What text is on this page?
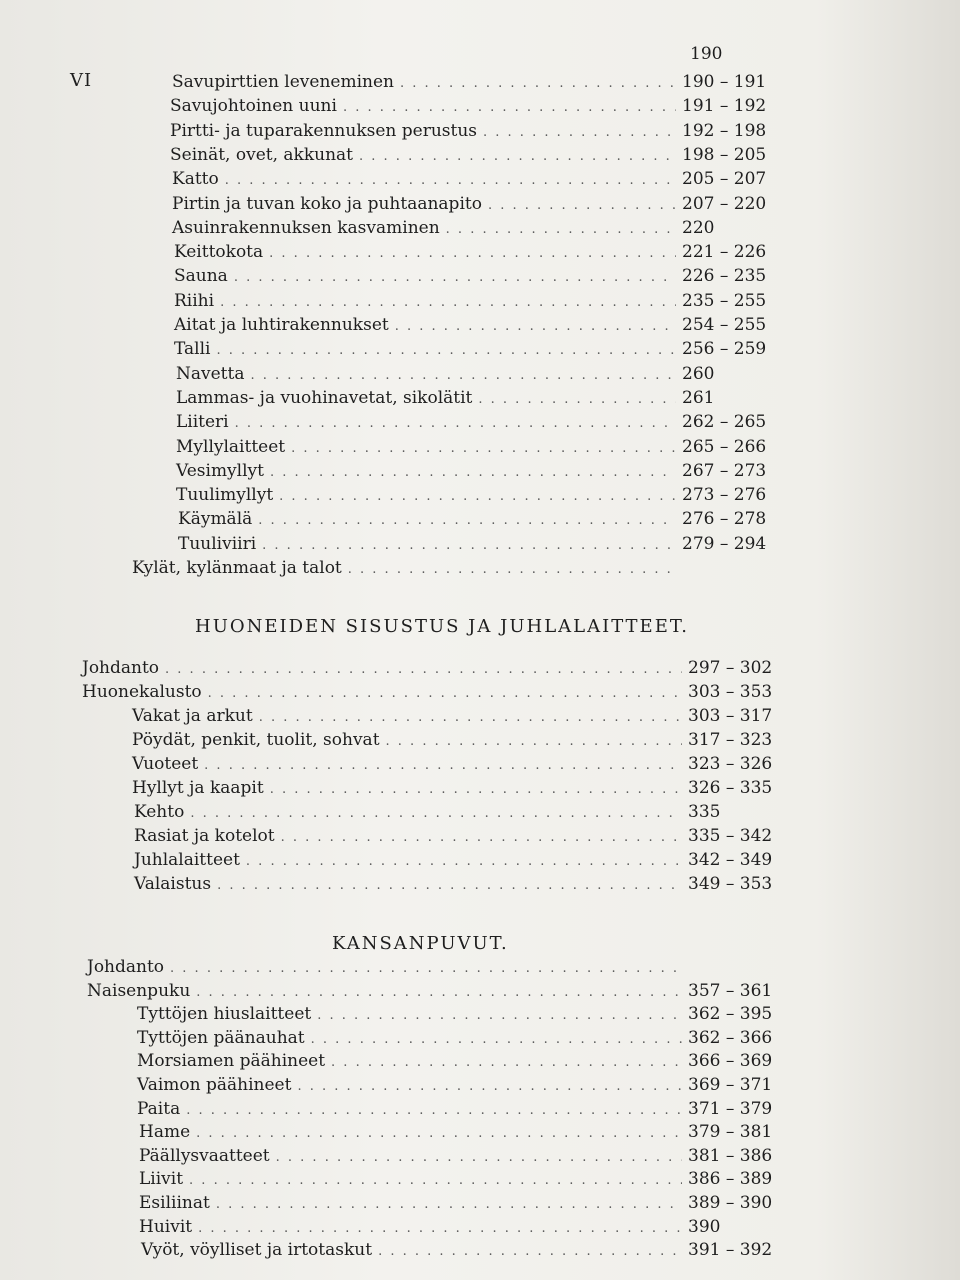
VI
190
HUONEIDEN SISUSTUS JA JUHLALAITTEET.
KANSANPUVUT.
Savupirttien leveneminen . . .	190 – 191
Savujohtoinen uuni . . .	191 – 192
Pirtti- ja tuparakennuksen perustus . . .	192 – 198
Seinät, ovet, akkunat . . .	198 – 205
Katto . . .	205 – 207
Pirtin ja tuvan koko ja puhtaanapito . . .	207 – 220
Asuinrakennuksen kasvaminen . . .	220
Keittokota . . .	221 – 226
Sauna . . .	226 – 235
Riihi . . .	235 – 255
Aitat ja luhtirakennukset . . .	254 – 255
Talli . . .	256 – 259
Navetta . . .	260
Lammas- ja vuohinavetat, sikolätit . . .	261
Liiteri . . .	262 – 265
Myllylaitteet . . .	265 – 266
Vesimyllyt . . .	267 – 273
Tuulimyllyt . . .	273 – 276
Käymälä . . .	276 – 278
Tuuliviiri . . .	279 – 294
Kylät, kylänmaat ja talot
. . .
Johdanto . . .	297 – 302
Huonekalusto . . .	303 – 353
Vakat ja arkut . . .	303 – 317
Pöydät, penkit, tuolit, sohvat . . .	317 – 323
Vuoteet . . .	323 – 326
Hyllyt ja kaapit . . .	326 – 335
Kehto . . .	335
Rasiat ja kotelot . . .	335 – 342
Juhlalaitteet . . .	342 – 349
Valaistus . . .	349 – 353
Johdanto
. . .
Naisenpuku . . .	357 – 361
Tyttöjen hiuslaitteet . . .	362 – 395
Tyttöjen päänauhat . . .	362 – 366
Morsiamen päähineet . . .	366 – 369
Vaimon päähineet . . .	369 – 371
Paita . . .	371 – 379
Hame . . .	379 – 381
Päällysvaatteet . . .	381 – 386
Liivit . . .	386 – 389
Esiliinat . . .	389 – 390
Huivit . . .	390
Vyöt, vöylliset ja irtotaskut . . .	391 – 392
